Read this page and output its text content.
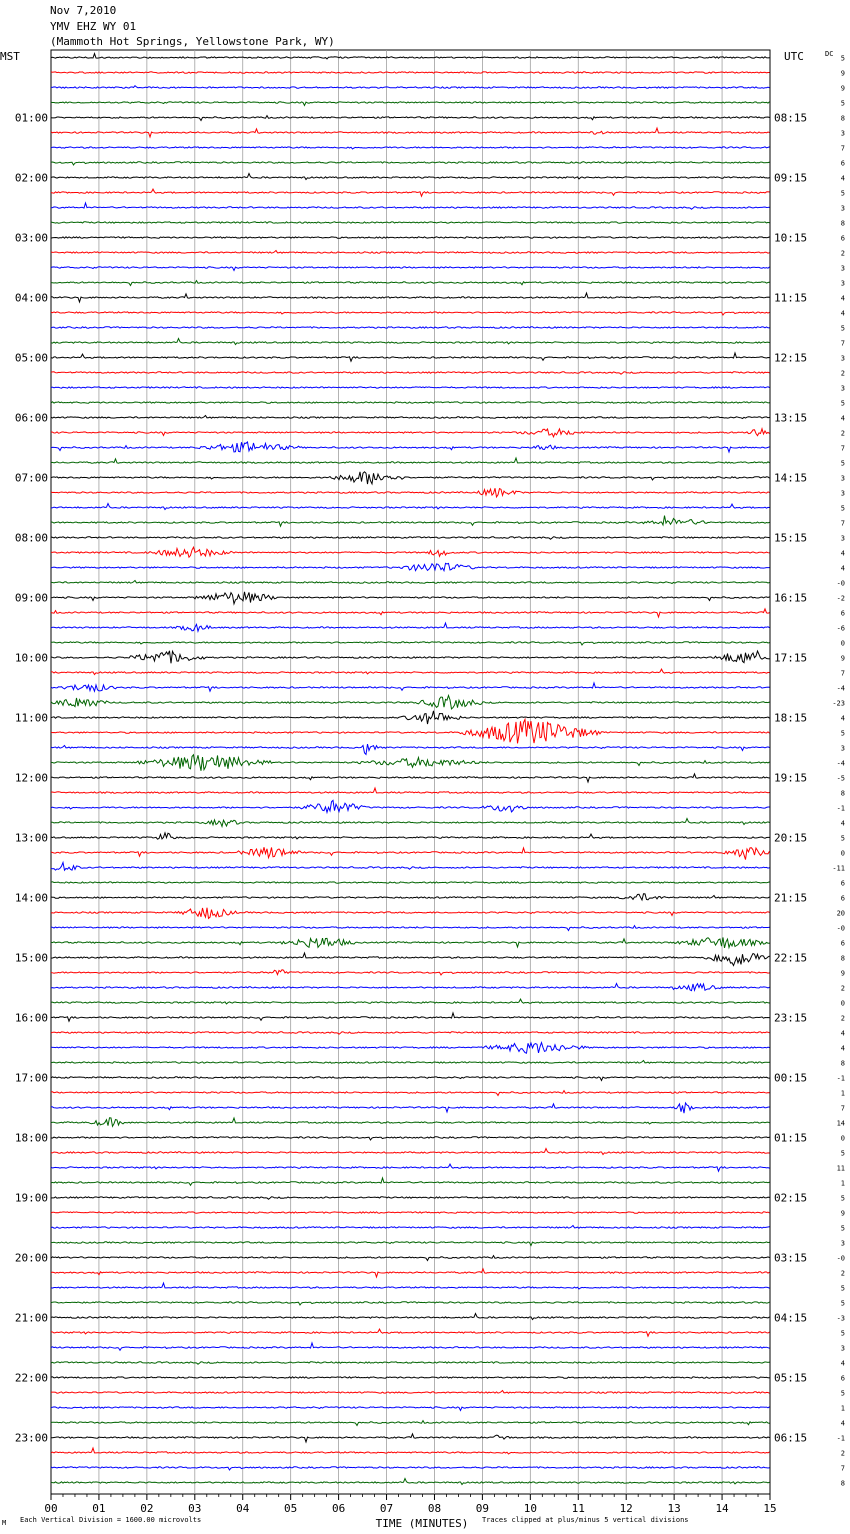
Nov 7,2010
YMV EHZ WY 01
(Mammoth Hot Springs, Yellowstone Park, WY)
MST	UTC	DC
00	01	02	03	04	05	06	07	08	09	10	11	12	13	14	15
TIME (MINUTES)
5
9
9
5
8
3
7
6
4
5
3
8
6
2
3
3
4
4
5
7
3
2
3
5
4
2
7
5
3
3
5
7
3
4
4
-0
-2
6
-6
0
9
7
-4
-23
4
5
3
-4
-5
8
-1
4
5
0
-11
6
6
20
-0
6
8
9
2
0
2
4
4
8
-1
1
7
14
0
5
11
1
5
9
5
3
-0
2
5
5
-3
5
3
4
6
5
1
4
-1
2
7
8
01:00
02:00
03:00
04:00
05:00
06:00
07:00
08:00
09:00
10:00
11:00
12:00
13:00
14:00
15:00
16:00
17:00
18:00
19:00
20:00
21:00
22:00
23:00
08:15
09:15
10:15
11:15
12:15
13:15
14:15
15:15
16:15
17:15
18:15
19:15
20:15
21:15
22:15
23:15
00:15
01:15
02:15
03:15
04:15
05:15
06:15
M Each Vertical Division = 1600.00 microvolts	Traces clipped at plus/minus 5 vertical divisions
